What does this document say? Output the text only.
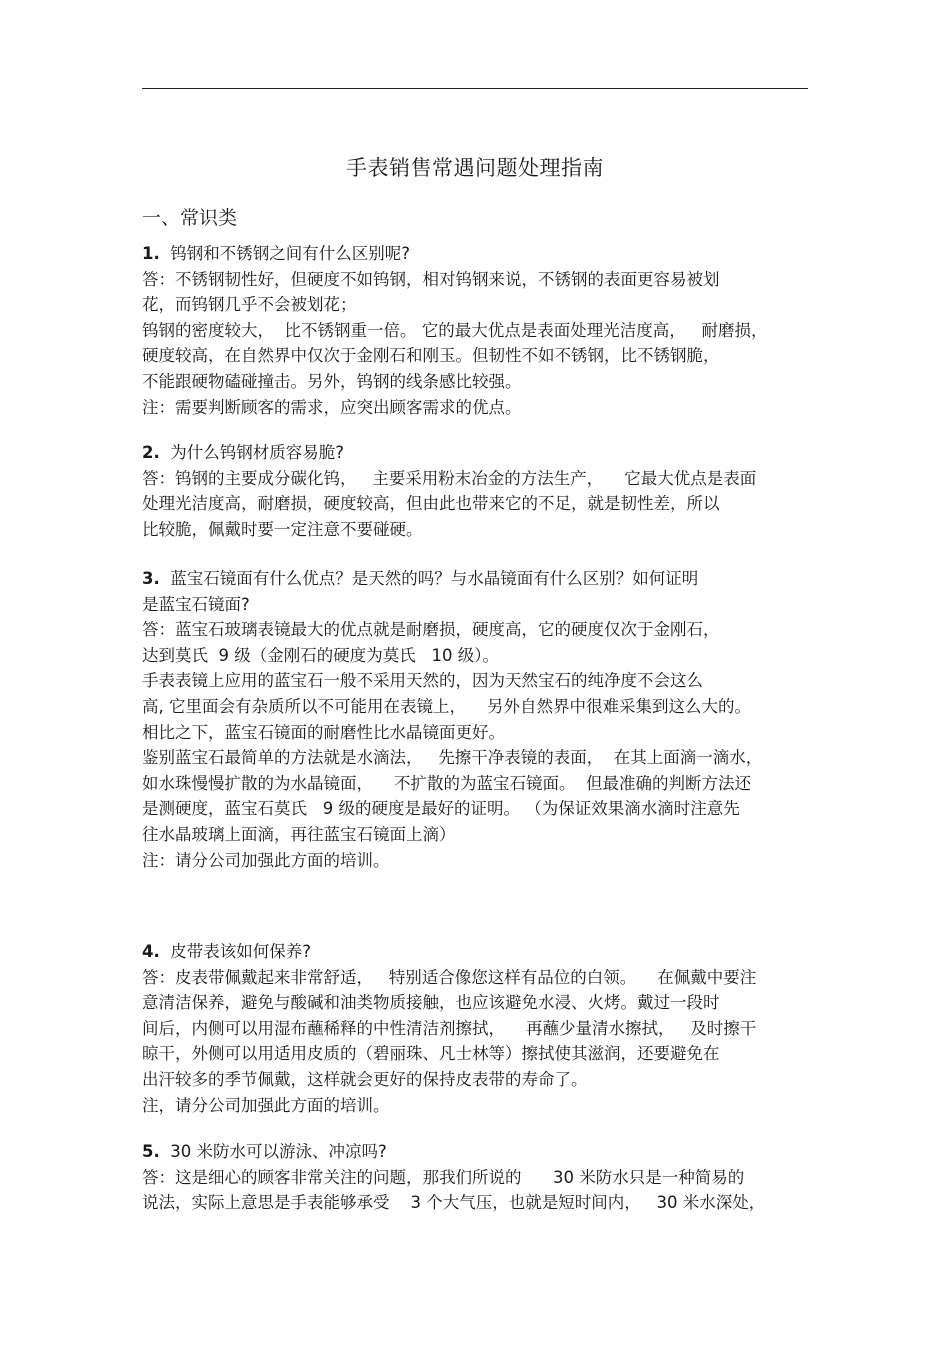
手表销售常遇问题处理指南
一、常识类
1. 钨钢和不锈钢之间有什么区别呢?
答：不锈钢韧性好，但硬度不如钨钢，相对钨钢来说，不锈钢的表面更容易被划
花，而钨钢几乎不会被划花；
钨钢的密度较大，  比不锈钢重一倍。 它的最大优点是表面处理光洁度高，   耐磨损，
硬度较高，在自然界中仅次于金刚石和刚玉。但韧性不如不锈钢，比不锈钢脆，
不能跟硬物磕碰撞击。另外，钨钢的线条感比较强。
注：需要判断顾客的需求，应突出顾客需求的优点。
2. 为什么钨钢材质容易脆?
答：钨钢的主要成分碳化钨，   主要采用粉末冶金的方法生产，    它最大优点是表面
处理光洁度高，耐磨损，硬度较高，但由此也带来它的不足，就是韧性差，所以
比较脆，佩戴时要一定注意不要碰硬。
3.  蓝宝石镜面有什么优点？是天然的吗？与水晶镜面有什么区别？如何证明
是蓝宝石镜面?
答：蓝宝石玻璃表镜最大的优点就是耐磨损，硬度高，它的硬度仅次于金刚石，
达到莫氏  9 级（金刚石的硬度为莫氏   10 级）。
手表表镜上应用的蓝宝石一般不采用天然的，因为天然宝石的纯净度不会这么
高, 它里面会有杂质所以不可能用在表镜上，    另外自然界中很难采集到这么大的。
相比之下，蓝宝石镜面的耐磨性比水晶镜面更好。
鉴别蓝宝石最简单的方法就是水滴法，   先擦干净表镜的表面，  在其上面滴一滴水，
如水珠慢慢扩散的为水晶镜面，    不扩散的为蓝宝石镜面。  但最准确的判断方法还
是测硬度，蓝宝石莫氏   9 级的硬度是最好的证明。 （为保证效果滴水滴时注意先
往水晶玻璃上面滴，再往蓝宝石镜面上滴）
注：请分公司加强此方面的培训。
4. 皮带表该如何保养?
答：皮表带佩戴起来非常舒适，   特别适合像您这样有品位的白领。    在佩戴中要注
意清洁保养，避免与酸碱和油类物质接触，也应该避免水浸、火烤。戴过一段时
间后，内侧可以用湿布蘸稀释的中性清洁剂擦拭，    再蘸少量清水擦拭，   及时擦干
晾干，外侧可以用适用皮质的（碧丽珠、凡士林等）擦拭使其滋润，还要避免在
出汗较多的季节佩戴，这样就会更好的保持皮表带的寿命了。
注，请分公司加强此方面的培训。
5. 30 米防水可以游泳、冲凉吗?
答：这是细心的顾客非常关注的问题，那我们所说的      30 米防水只是一种简易的
说法，实际上意思是手表能够承受    3 个大气压，也就是短时间内，   30 米水深处，
